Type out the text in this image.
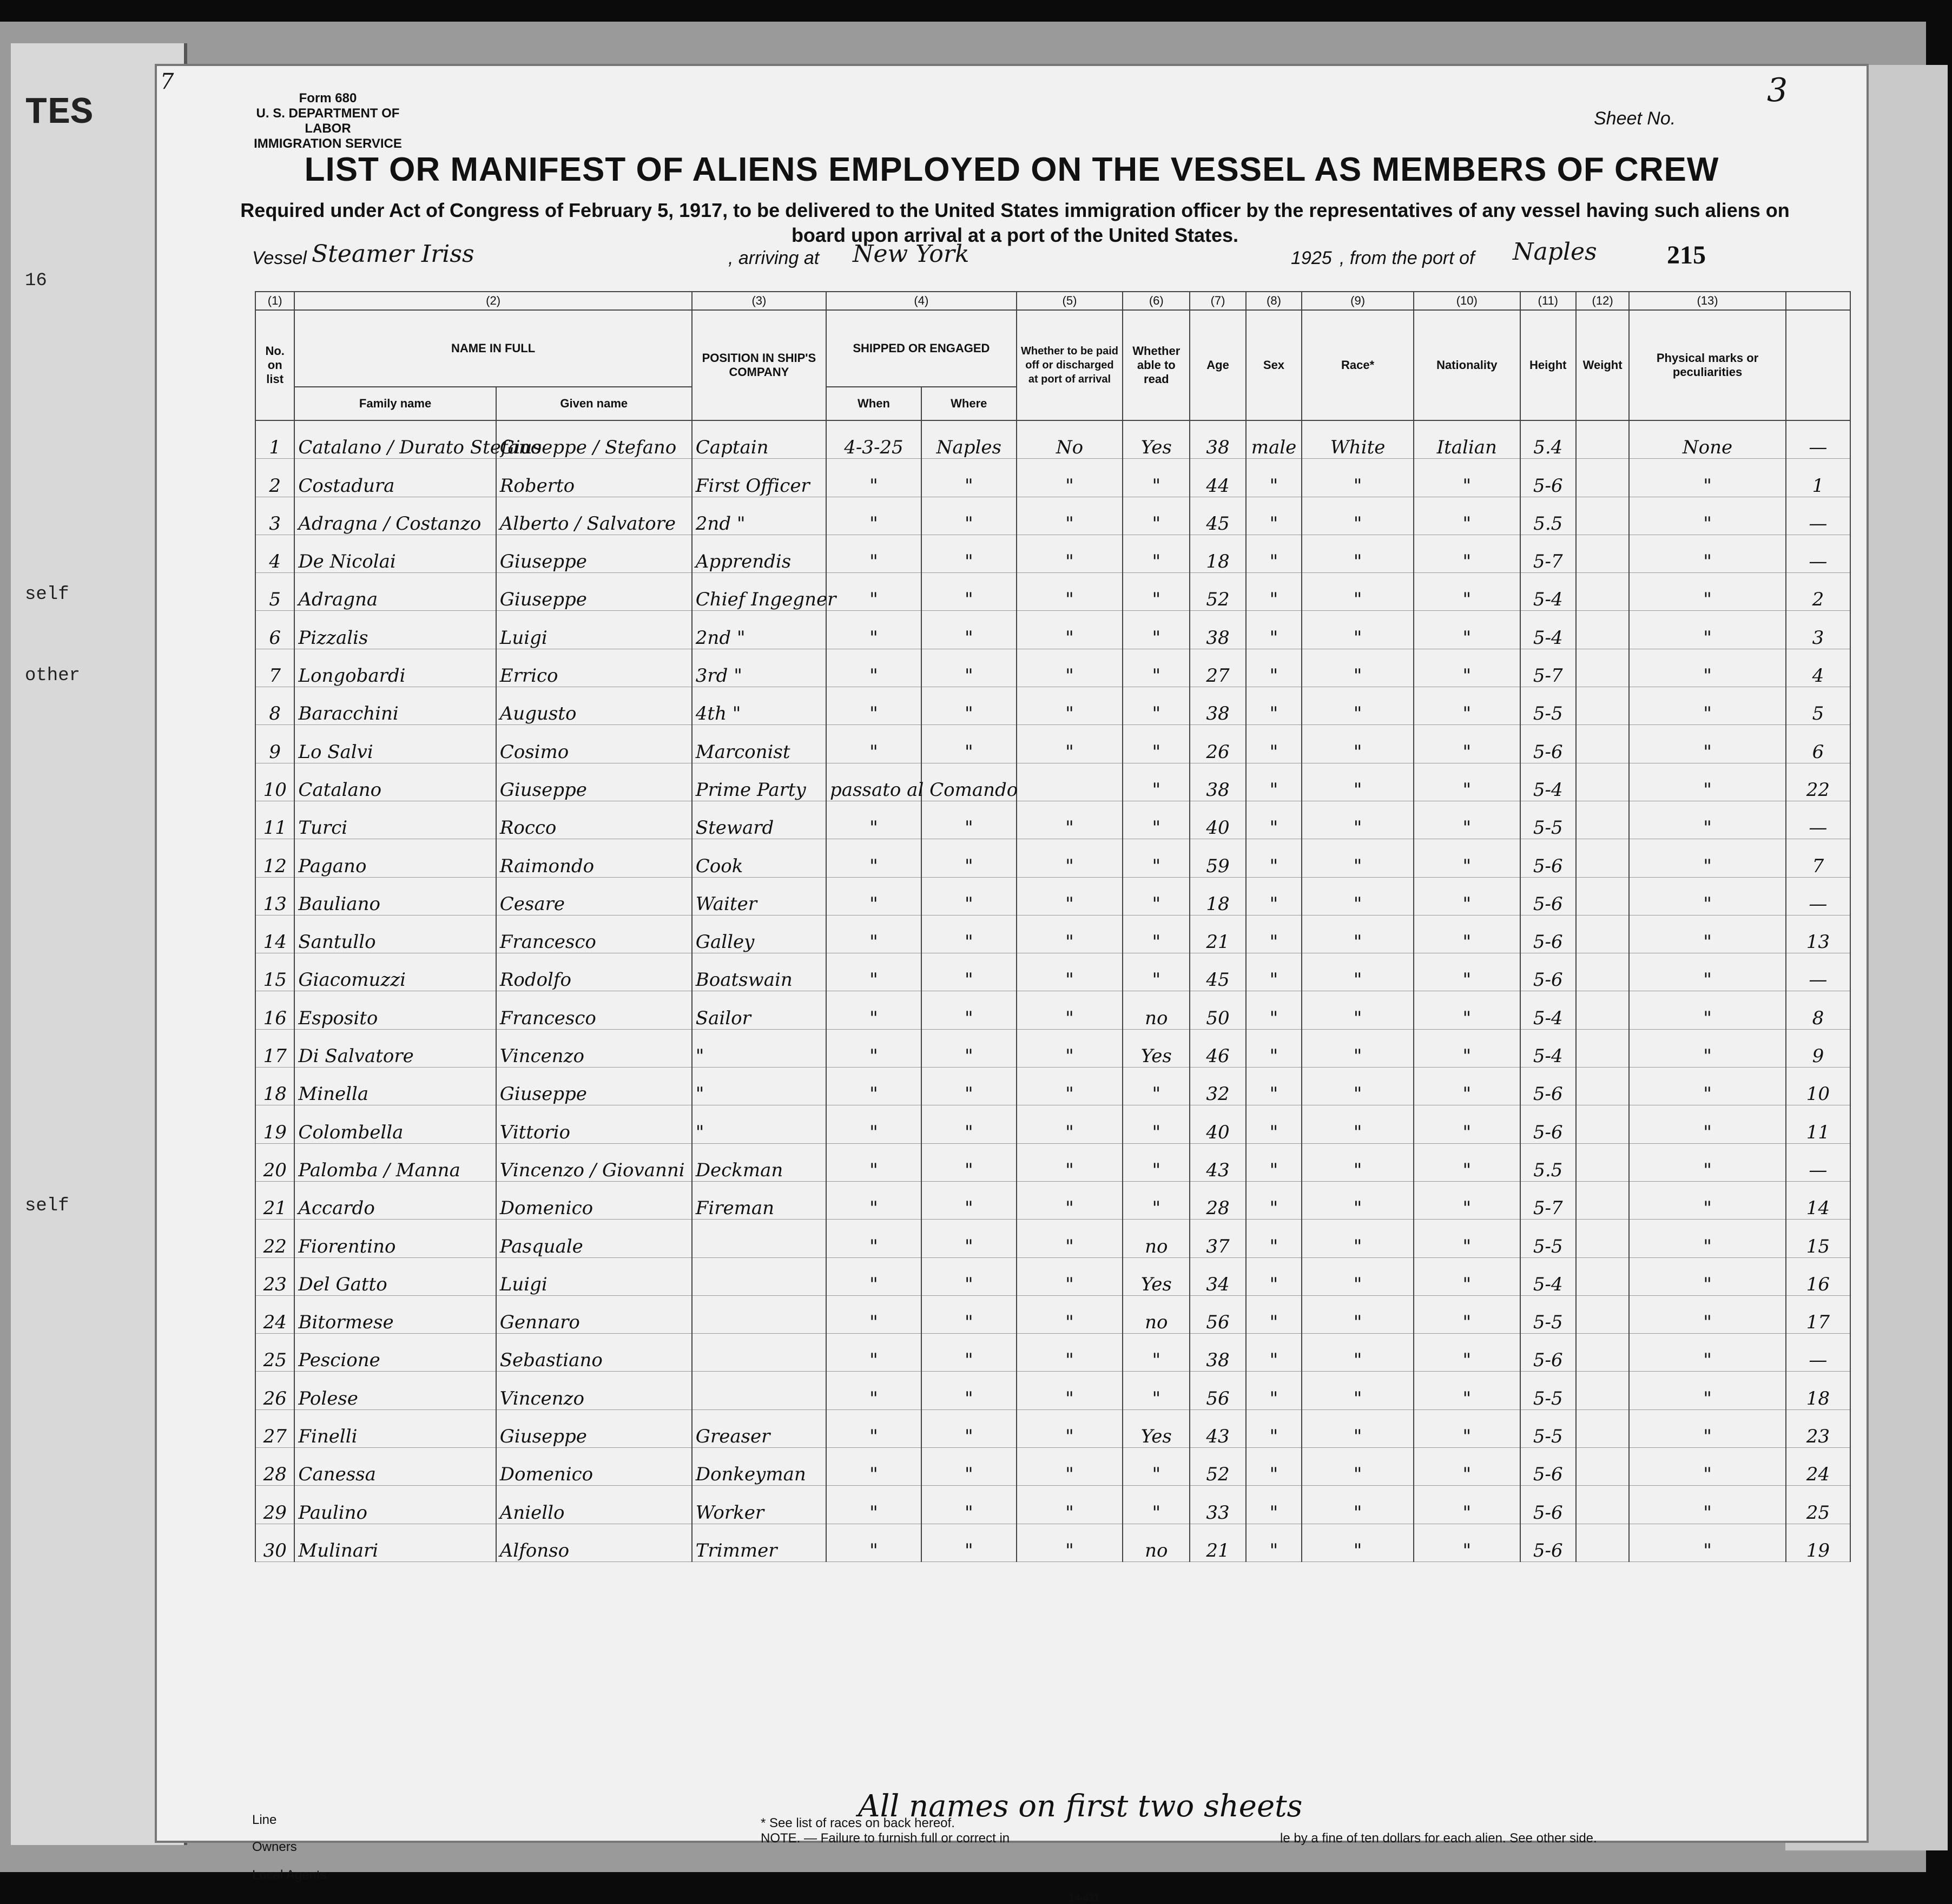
TES
16
self
other
self
3
7
Form 680
U. S. DEPARTMENT OF LABOR
IMMIGRATION SERVICE
Sheet No.
LIST OR MANIFEST OF ALIENS EMPLOYED ON THE VESSEL AS MEMBERS OF CREW
Required under Act of Congress of February 5, 1917, to be delivered to the United States immigration officer by the representatives of any vessel having such aliens on board upon arrival at a port of the United States.
Vessel Steamer Iriss	, arriving at New York	1925 , from the port of Naples	215
(1)	(2)		(3)	(4)		(5)	(6)	(7)	(8)	(9)	(10)	(11)	(12)	(13)	
No. on list	NAME IN FULL		POSITION IN SHIP'S COMPANY	SHIPPED OR ENGAGED		Whether to be paid off or discharged at port of arrival	Whether able to read	Age	Sex	Race*	Nationality	Height	Weight	Physical marks or peculiarities	
	Family name	Given name		When	Where										
1	Catalano / Durato Stefano	Giuseppe / Stefano	Captain	4-3-25	Naples	No	Yes	38	male	White	Italian	5.4		None	—
2	Costadura	Roberto	First Officer	"	"	"	"	44	"	"	"	5-6		"	1
3	Adragna / Costanzo	Alberto / Salvatore	2nd "	"	"	"	"	45	"	"	"	5.5		"	—
4	De Nicolai	Giuseppe	Apprendis	"	"	"	"	18	"	"	"	5-7		"	—
5	Adragna	Giuseppe	Chief Ingegner	"	"	"	"	52	"	"	"	5-4		"	2
6	Pizzalis	Luigi	2nd "	"	"	"	"	38	"	"	"	5-4		"	3
7	Longobardi	Errico	3rd "	"	"	"	"	27	"	"	"	5-7		"	4
8	Baracchini	Augusto	4th "	"	"	"	"	38	"	"	"	5-5		"	5
9	Lo Salvi	Cosimo	Marconist	"	"	"	"	26	"	"	"	5-6		"	6
10	Catalano	Giuseppe	Prime Party	passato al Comando			"	38	"	"	"	5-4		"	22
11	Turci	Rocco	Steward	"	"	"	"	40	"	"	"	5-5		"	—
12	Pagano	Raimondo	Cook	"	"	"	"	59	"	"	"	5-6		"	7
13	Bauliano	Cesare	Waiter	"	"	"	"	18	"	"	"	5-6		"	—
14	Santullo	Francesco	Galley	"	"	"	"	21	"	"	"	5-6		"	13
15	Giacomuzzi	Rodolfo	Boatswain	"	"	"	"	45	"	"	"	5-6		"	—
16	Esposito	Francesco	Sailor	"	"	"	no	50	"	"	"	5-4		"	8
17	Di Salvatore	Vincenzo	"	"	"	"	Yes	46	"	"	"	5-4		"	9
18	Minella	Giuseppe	"	"	"	"	"	32	"	"	"	5-6		"	10
19	Colombella	Vittorio	"	"	"	"	"	40	"	"	"	5-6		"	11
20	Palomba / Manna	Vincenzo / Giovanni	Deckman	"	"	"	"	43	"	"	"	5.5		"	—
21	Accardo	Domenico	Fireman	"	"	"	"	28	"	"	"	5-7		"	14
22	Fiorentino	Pasquale		"	"	"	no	37	"	"	"	5-5		"	15
23	Del Gatto	Luigi		"	"	"	Yes	34	"	"	"	5-4		"	16
24	Bitormese	Gennaro		"	"	"	no	56	"	"	"	5-5		"	17
25	Pescione	Sebastiano		"	"	"	"	38	"	"	"	5-6		"	—
26	Polese	Vincenzo		"	"	"	"	56	"	"	"	5-5		"	18
27	Finelli	Giuseppe	Greaser	"	"	"	Yes	43	"	"	"	5-5		"	23
28	Canessa	Domenico	Donkeyman	"	"	"	"	52	"	"	"	5-6		"	24
29	Paulino	Aniello	Worker	"	"	"	"	33	"	"	"	5-6		"	25
30	Mulinari	Alfonso	Trimmer	"	"	"	no	21	"	"	"	5-6		"	19
All names on first two sheets
Line
Owners
Local Agents
* See list of races on back hereof.
NOTE. — Failure to furnish full or correct in	le by a fine of ten dollars for each alien. See other side.
14-431
